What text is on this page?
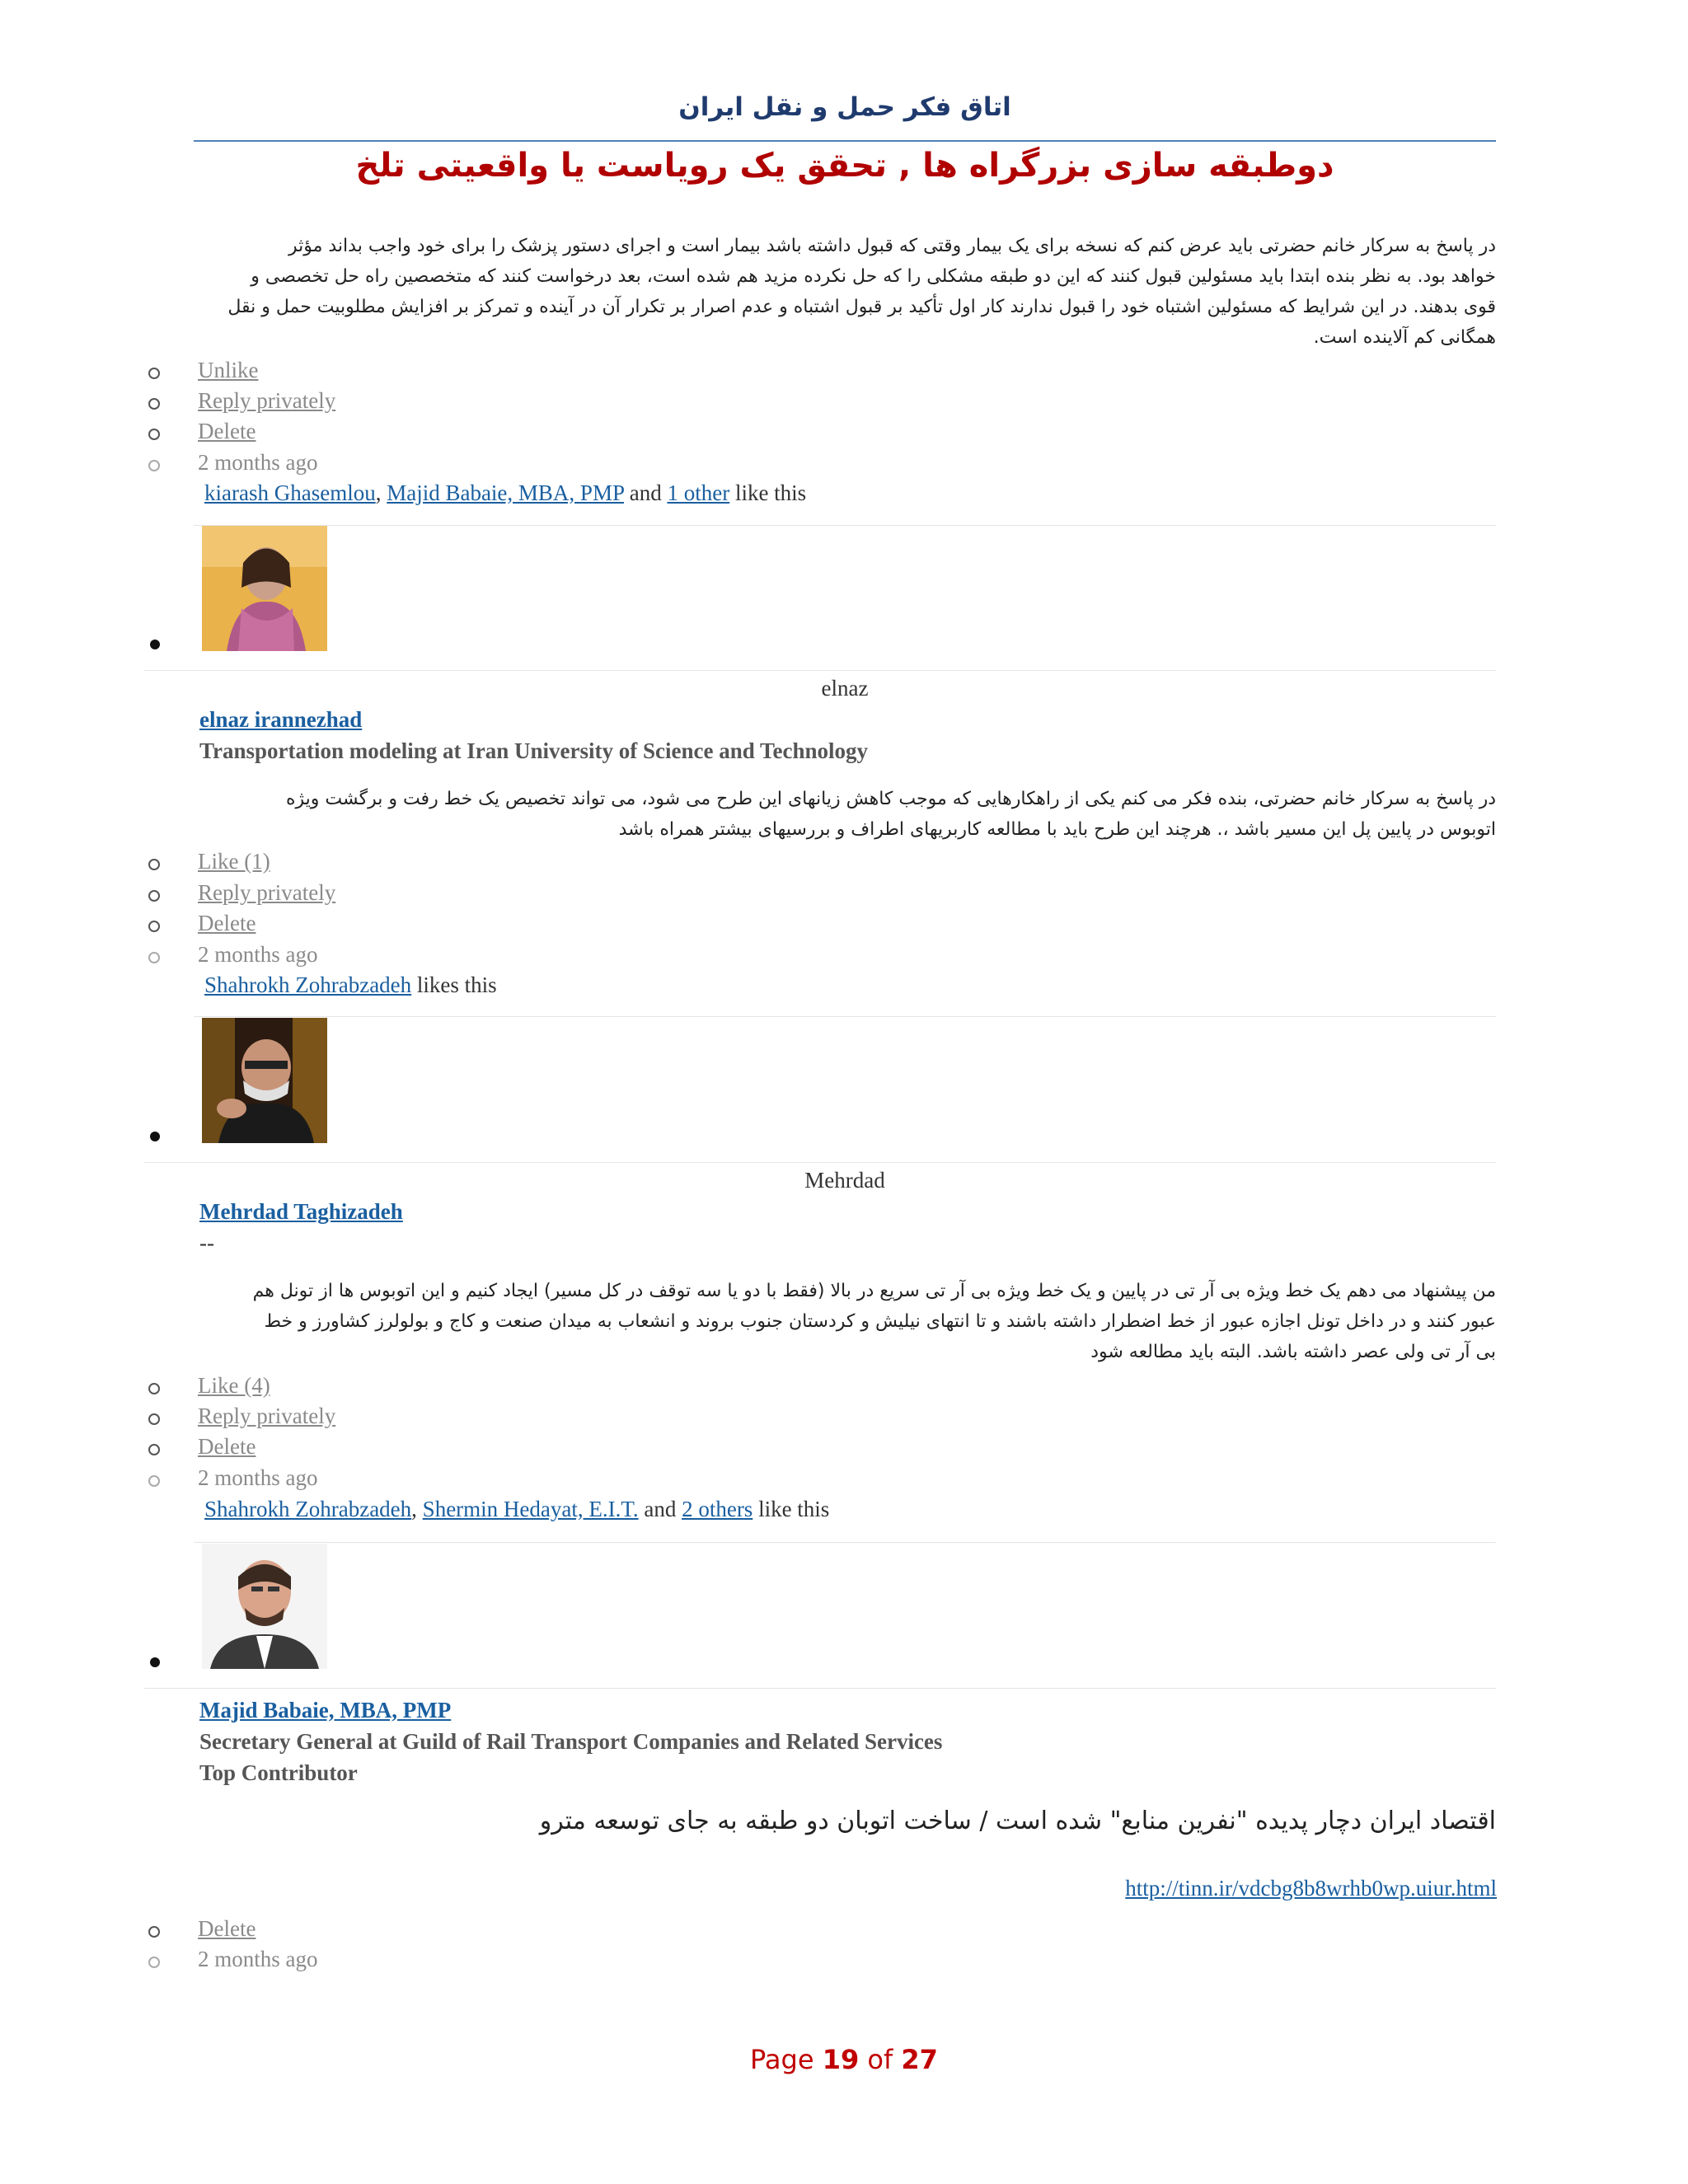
اتاق فکر حمل و نقل ایران
دوطبقه سازی بزرگراه ها , تحقق یک رویاست یا واقعیتی تلخ
در پاسخ به سرکار خانم حضرتی باید عرض کنم که نسخه برای یک بیمار وقتی که قبول داشته باشد بیمار است و اجرای دستور پزشک را برای خود واجب بداند مؤثر
خواهد بود. به نظر بنده ابتدا باید مسئولین قبول کنند که این دو طبقه مشکلی را که حل نکرده مزید هم شده است، بعد درخواست کنند که متخصصین راه حل تخصصی و
قوی بدهند. در این شرایط که مسئولین اشتباه خود را قبول ندارند کار اول تأکید بر قبول اشتباه و عدم اصرار بر تکرار آن در آینده و تمرکز بر افزایش مطلوبیت حمل و نقل
همگانی کم آلاینده است.
Unlike
Reply privately
Delete
2 months ago
kiarash Ghasemlou, Majid Babaie, MBA, PMP and 1 other like this
elnaz
elnaz irannezhad
Transportation modeling at Iran University of Science and Technology
در پاسخ به سرکار خانم حضرتی، بنده فکر می کنم یکی از راهکارهایی که موجب کاهش زیانهای این طرح می شود، می تواند تخصیص یک خط رفت و برگشت ویژه
اتوبوس در پایین پل این مسیر باشد ،. هرچند این طرح باید با مطالعه کاربریهای اطراف و بررسیهای بیشتر همراه باشد
Like (1)
Reply privately
Delete
2 months ago
Shahrokh Zohrabzadeh likes this
Mehrdad
Mehrdad Taghizadeh
--
من پیشنهاد می دهم یک خط ویژه بی آر تی در پایین و یک خط ویژه بی آر تی سریع در بالا (فقط با دو یا سه توقف در کل مسیر) ایجاد کنیم و این اتوبوس ها از تونل هم
عبور کنند و در داخل تونل اجازه عبور از خط اضطرار داشته باشند و تا انتهای نیلیش و کردستان جنوب بروند و انشعاب به میدان صنعت و کاج و بولولرز کشاورز و خط
بی آر تی ولی عصر داشته باشد. البته باید مطالعه شود
Like (4)
Reply privately
Delete
2 months ago
Shahrokh Zohrabzadeh, Shermin Hedayat, E.I.T. and 2 others like this
Majid Babaie, MBA, PMP
Secretary General at Guild of Rail Transport Companies and Related Services
Top Contributor
اقتصاد ایران دچار پدیده "نفرین منابع" شده است / ساخت اتوبان دو طبقه به جای توسعه مترو
http://tinn.ir/vdcbg8b8wrhb0wp.uiur.html
Delete
2 months ago
Page 19 of 27
